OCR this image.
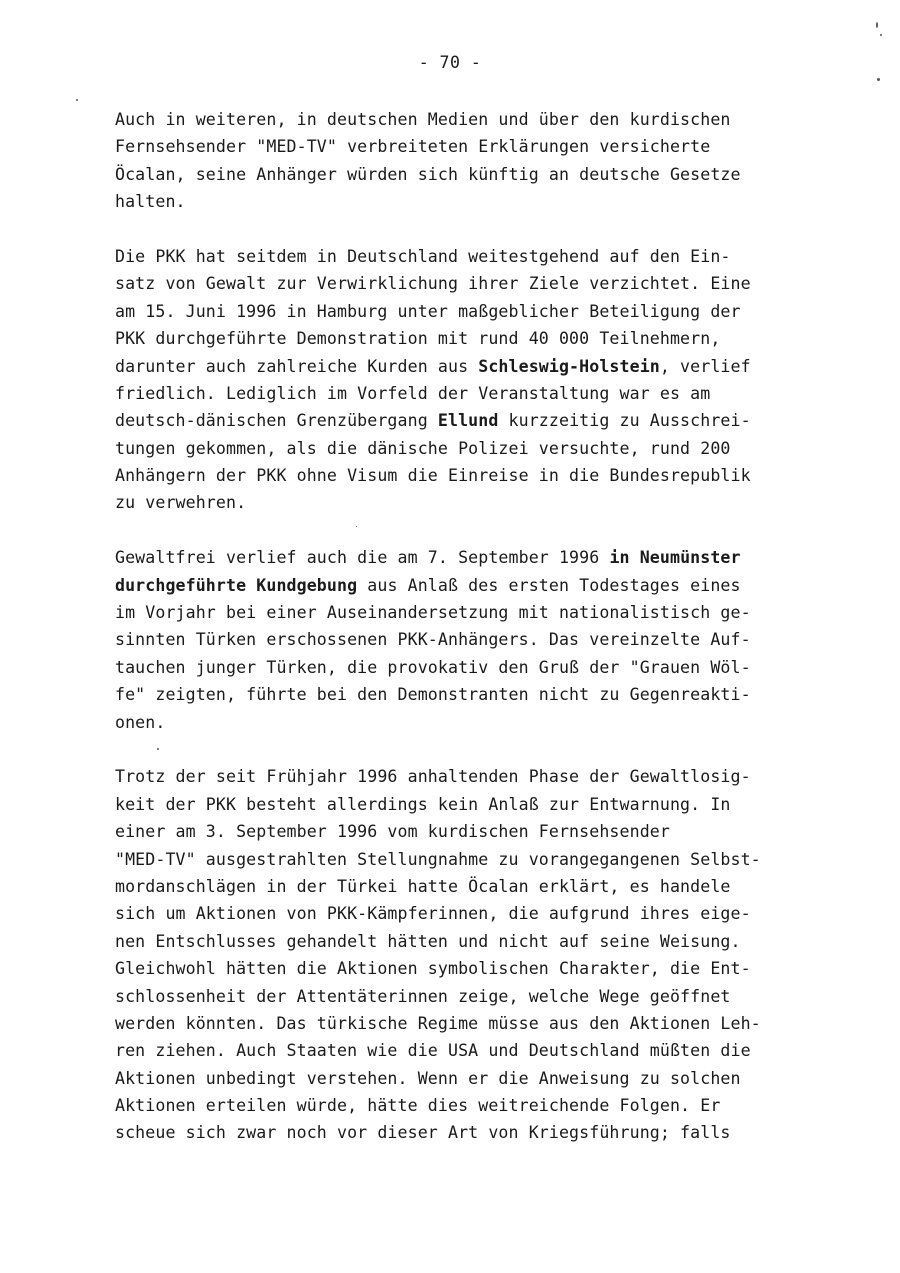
- 70 -
Auch in weiteren, in deutschen Medien und über den kurdischen
Fernsehsender "MED-TV" verbreiteten Erklärungen versicherte
Öcalan, seine Anhänger würden sich künftig an deutsche Gesetze
halten.
Die PKK hat seitdem in Deutschland weitestgehend auf den Ein-
satz von Gewalt zur Verwirklichung ihrer Ziele verzichtet. Eine
am 15. Juni 1996 in Hamburg unter maßgeblicher Beteiligung der
PKK durchgeführte Demonstration mit rund 40 000 Teilnehmern,
darunter auch zahlreiche Kurden aus Schleswig-Holstein, verlief
friedlich. Lediglich im Vorfeld der Veranstaltung war es am
deutsch-dänischen Grenzübergang Ellund kurzzeitig zu Ausschrei-
tungen gekommen, als die dänische Polizei versuchte, rund 200
Anhängern der PKK ohne Visum die Einreise in die Bundesrepublik
zu verwehren.
Gewaltfrei verlief auch die am 7. September 1996 in Neumünster
durchgeführte Kundgebung aus Anlaß des ersten Todestages eines
im Vorjahr bei einer Auseinandersetzung mit nationalistisch ge-
sinnten Türken erschossenen PKK-Anhängers. Das vereinzelte Auf-
tauchen junger Türken, die provokativ den Gruß der "Grauen Wöl-
fe" zeigten, führte bei den Demonstranten nicht zu Gegenreakti-
onen.
Trotz der seit Frühjahr 1996 anhaltenden Phase der Gewaltlosig-
keit der PKK besteht allerdings kein Anlaß zur Entwarnung. In
einer am 3. September 1996 vom kurdischen Fernsehsender
"MED-TV" ausgestrahlten Stellungnahme zu vorangegangenen Selbst-
mordanschlägen in der Türkei hatte Öcalan erklärt, es handele
sich um Aktionen von PKK-Kämpferinnen, die aufgrund ihres eige-
nen Entschlusses gehandelt hätten und nicht auf seine Weisung.
Gleichwohl hätten die Aktionen symbolischen Charakter, die Ent-
schlossenheit der Attentäterinnen zeige, welche Wege geöffnet
werden könnten. Das türkische Regime müsse aus den Aktionen Leh-
ren ziehen. Auch Staaten wie die USA und Deutschland müßten die
Aktionen unbedingt verstehen. Wenn er die Anweisung zu solchen
Aktionen erteilen würde, hätte dies weitreichende Folgen. Er
scheue sich zwar noch vor dieser Art von Kriegsführung; falls
